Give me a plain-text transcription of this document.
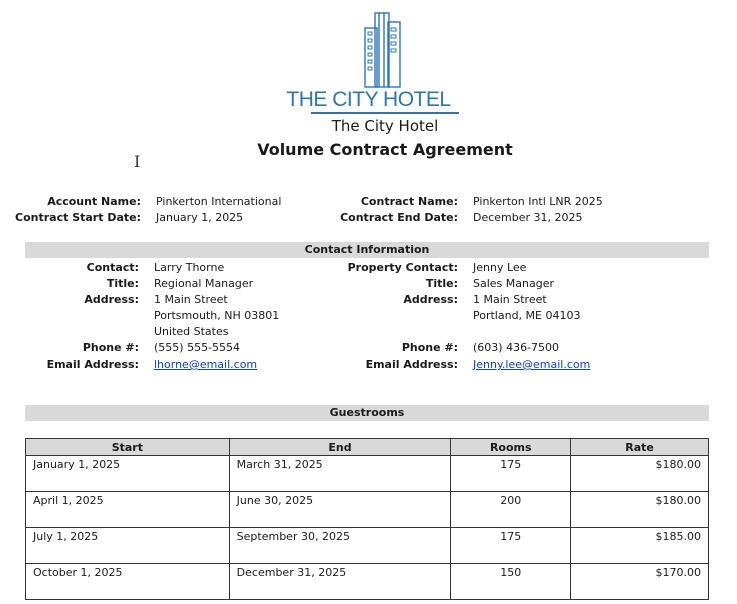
THE CITY HOTEL
The City Hotel
Volume Contract Agreement
I
Account Name: Pinkerton International
Contract Start Date: January 1, 2025
Contract Name: Pinkerton Intl LNR 2025
Contract End Date: December 31, 2025
Contact Information
Contact: Larry Thorne
Title: Regional Manager
Address: 1 Main Street
Portsmouth, NH 03801
United States
Phone #: (555) 555-5554
Email Address: lhorne@email.com
Property Contact: Jenny Lee
Title: Sales Manager
Address: 1 Main Street
Portland, ME 04103
Phone #: (603) 436-7500
Email Address: Jenny.lee@email.com
Guestrooms
Start	End	Rooms	Rate
January 1, 2025	March 31, 2025	175	$180.00
April 1, 2025	June 30, 2025	200	$180.00
July 1, 2025	September 30, 2025	175	$185.00
October 1, 2025	December 31, 2025	150	$170.00
